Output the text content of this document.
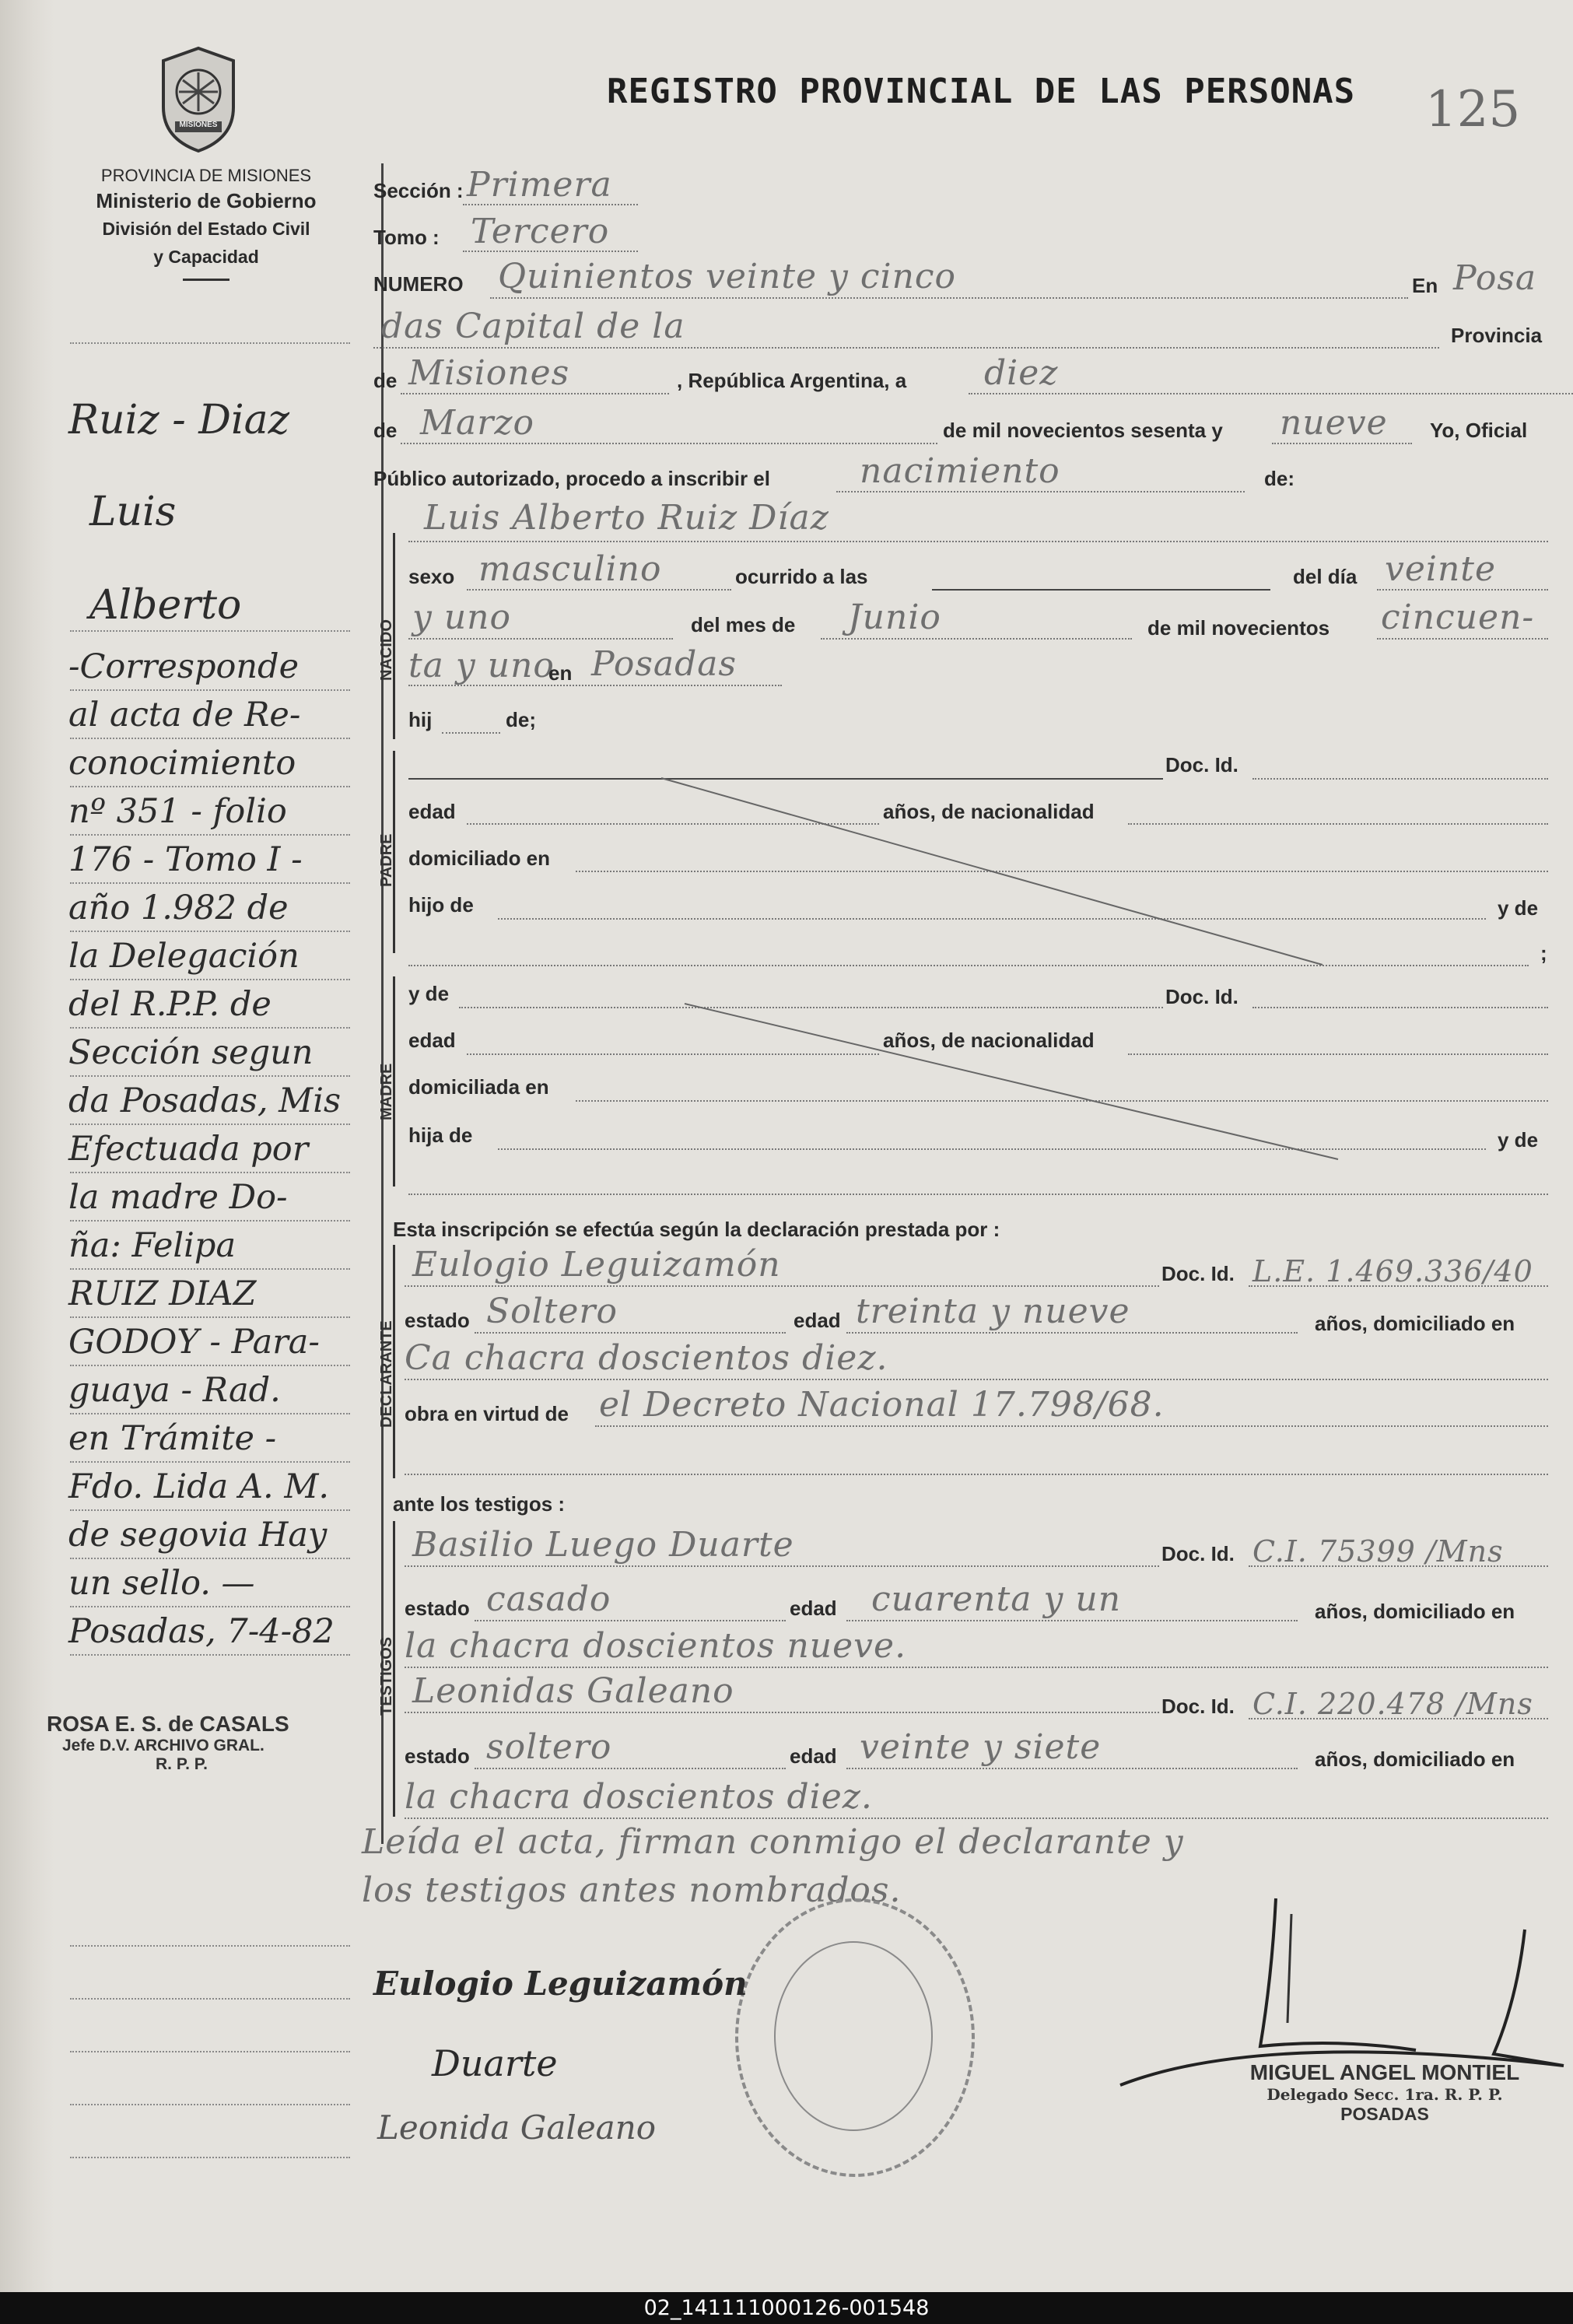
MISIONES
PROVINCIA DE MISIONES
Ministerio de Gobierno
División del Estado Civil
y Capacidad
REGISTRO PROVINCIAL DE LAS PERSONAS 125
Ruiz - Diaz
Luis
Alberto
-Corresponde
al acta de Re-
conocimiento
nº 351 - folio
176 - Tomo I -
año 1.982 de
la Delegación
del R.P.P. de
Sección segun
da Posadas, Mis
Efectuada por
la madre Do-
ña: Felipa
RUIZ DIAZ
GODOY - Para-
guaya - Rad.
en Trámite -
Fdo. Lida A. M.
de segovia Hay
un sello. —
Posadas, 7-4-82
ROSA E. S. de CASALS
Jefe D.V. ARCHIVO GRAL.
R. P. P.
Sección : Primera
Tomo : Tercero
NUMERO Quinientos veinte y cinco	En Posa
das Capital de la	Provincia
de Misiones	, República Argentina, a diez
de Marzo	de mil novecientos sesenta y nueve Yo, Oficial
Público autorizado, procedo a inscribir el	nacimiento	de:
NACIDO
Luis Alberto Ruiz Díaz
sexo masculino	ocurrido a las	del día veinte
y uno	del mes de Junio	de mil novecientos cincuen-
ta y uno
en Posadas
hij	de;
PADRE
Doc. Id.
edad	años, de nacionalidad
domiciliado en
hijo de	y de
;
MADRE
y de	Doc. Id.
edad	años, de nacionalidad
domiciliada en
hija de	y de
Esta inscripción se efectúa según la declaración prestada por :
DECLARANTE
Eulogio Leguizamón	Doc. Id. L.E. 1.469.336/40
estado Soltero	edad treinta y nueve	años, domiciliado en
Ca chacra doscientos diez.
obra en virtud de el Decreto Nacional 17.798/68.
ante los testigos :
TESTIGOS
Basilio Luego Duarte	Doc. Id. C.I. 75399 /Mns
estado casado	edad cuarenta y un	años, domiciliado en
la chacra doscientos nueve.
Leonidas Galeano	Doc. Id. C.I. 220.478 /Mns
estado soltero	edad veinte y siete	años, domiciliado en
la chacra doscientos diez.
Leída el acta, firman conmigo el declarante y
los testigos antes nombrados.
Eulogio Leguizamón
Duarte
Leonida Galeano
MIGUEL ANGEL MONTIEL
Delegado Secc. 1ra. R. P. P.
POSADAS
02_141111000126-001548
